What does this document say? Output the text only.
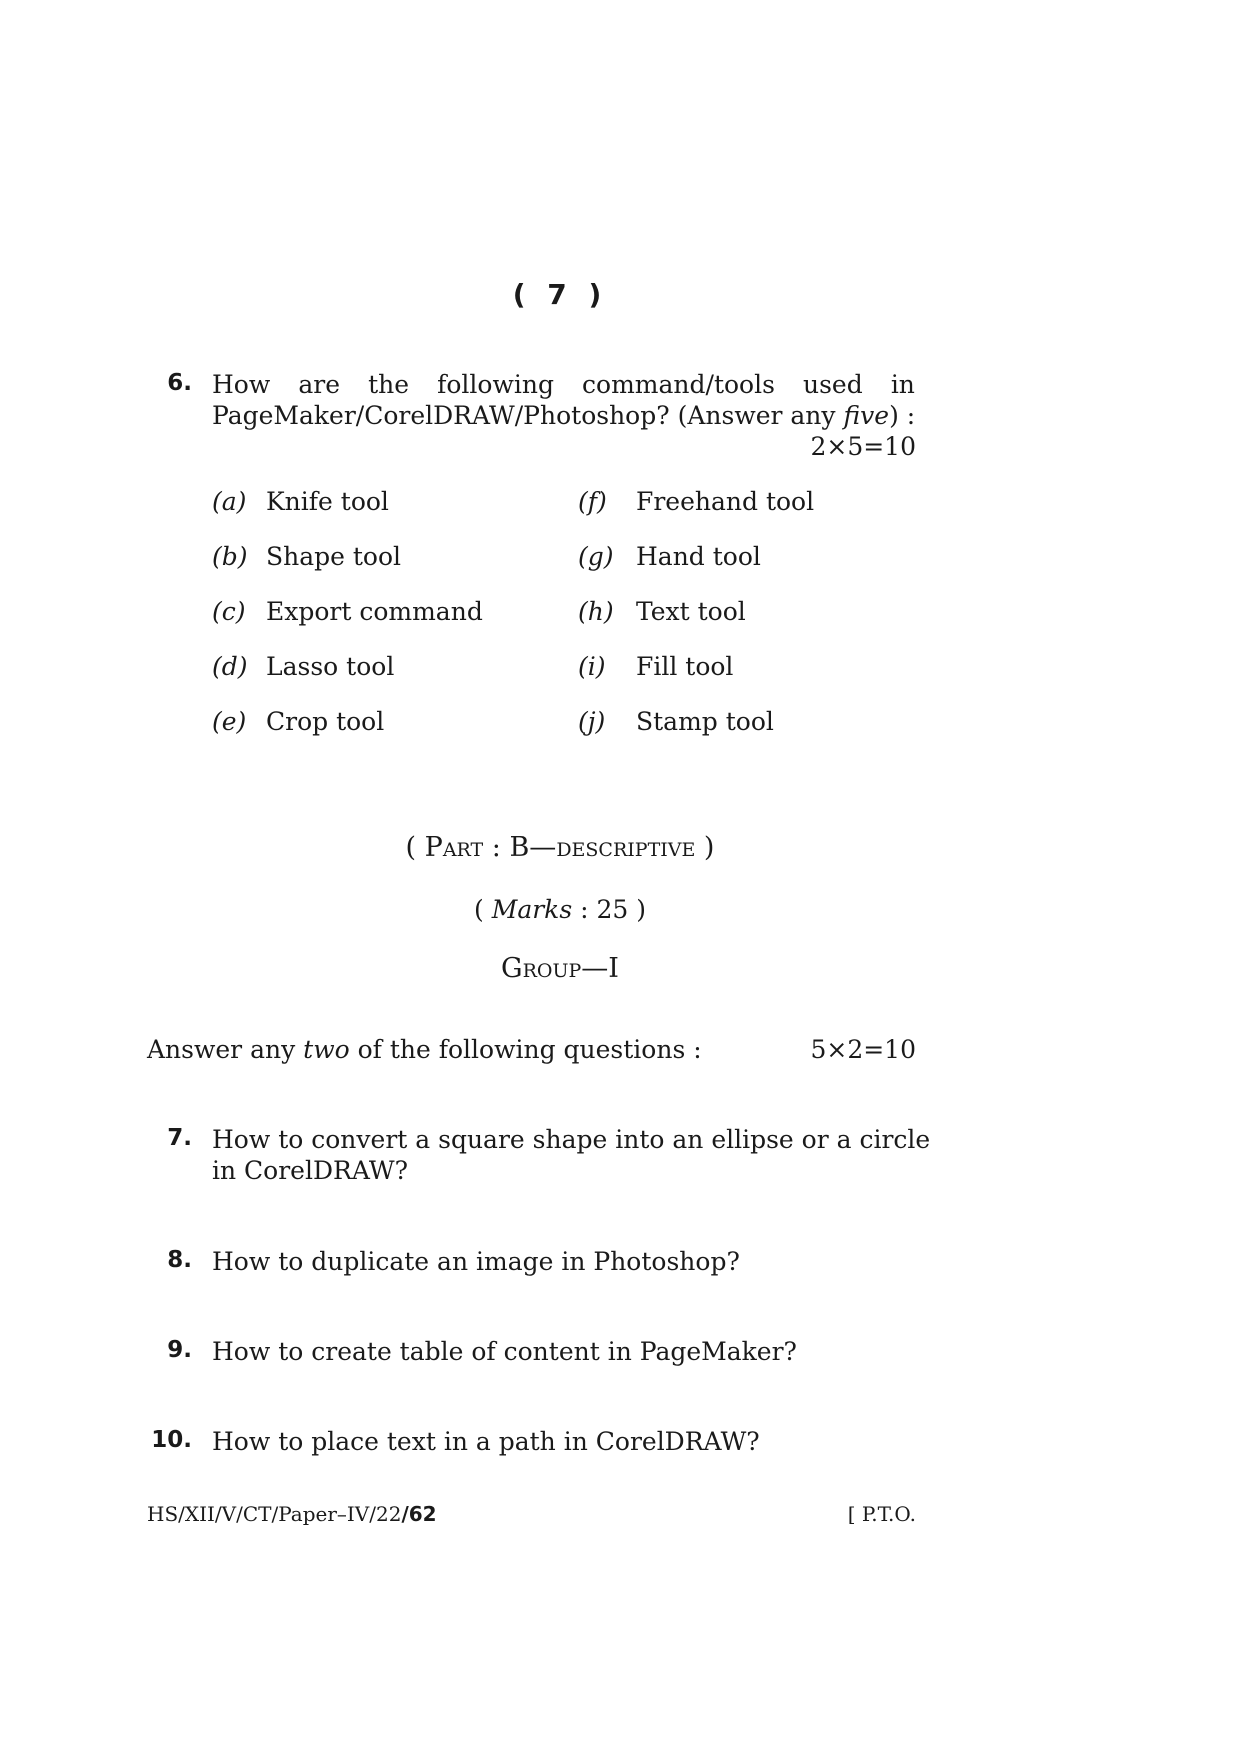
( 7 )
6. How are the following command/tools used in
PageMaker/CorelDRAW/Photoshop? (Answer any five) :
2×5=10
(a) Knife tool
(b) Shape tool
(c) Export command
(d) Lasso tool
(e) Crop tool
(f) Freehand tool
(g) Hand tool
(h) Text tool
(i) Fill tool
(j) Stamp tool
( Part : B—descriptive )
( Marks : 25 )
Group—I
Answer any two of the following questions :	5×2=10
7. How to convert a square shape into an ellipse or a circle
in CorelDRAW?
8. How to duplicate an image in Photoshop?
9. How to create table of content in PageMaker?
10. How to place text in a path in CorelDRAW?
HS/XII/V/CT/Paper–IV/22/62	[ P.T.O.
